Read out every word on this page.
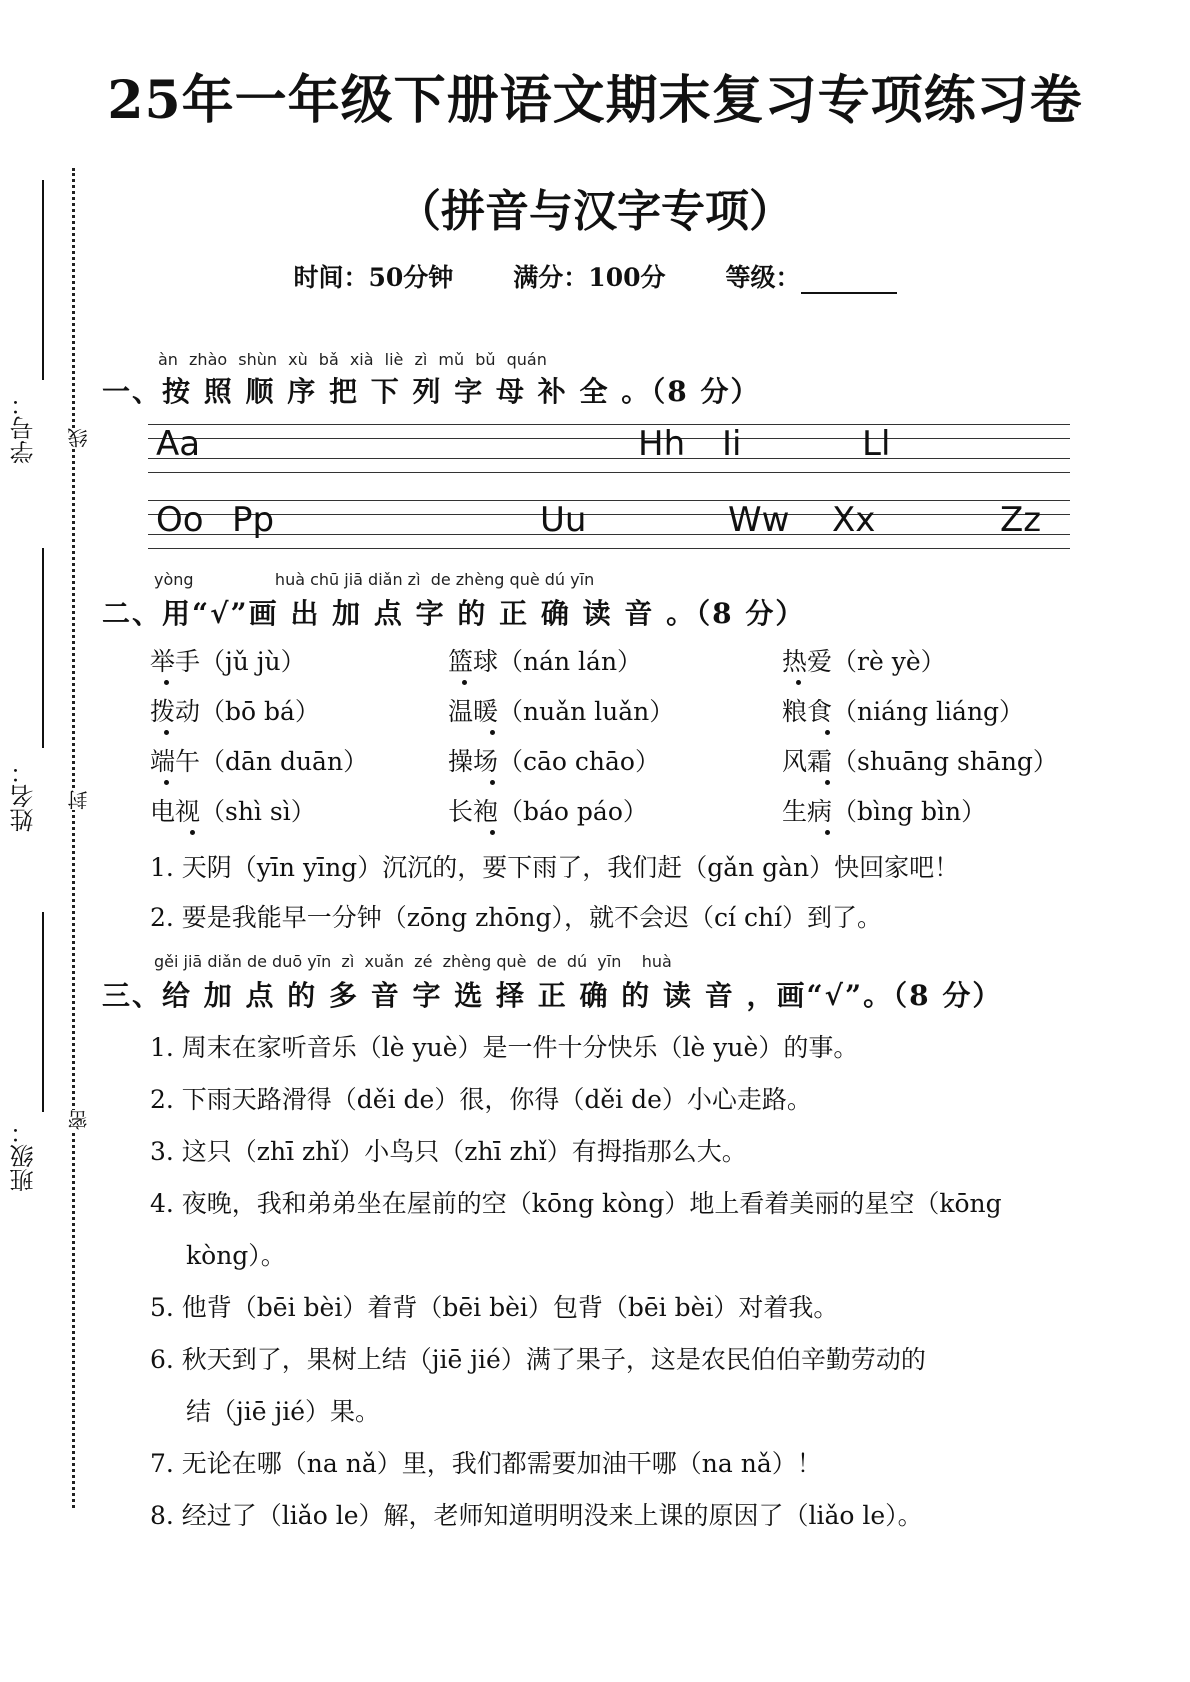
25年一年级下册语文期末复习专项练习卷
（拼音与汉字专项）
时间：50分钟 满分：100分 等级：
学号： 线
姓名： 封
班级： 密
àn zhào shùn xù bǎ xià liè zì mǔ bǔ quán
一、按 照 顺 序 把 下 列 字 母 补 全 。（8 分）
Aa	Hh Ii	Ll
Oo Pp	Uu	Ww Xx	Zz
yòng                huà chū jiā diǎn zì  de zhèng què dú yīn
二、用“√”画 出 加 点 字 的 正 确 读 音 。（8 分）
举手（jǔ jù）	篮球（nán lán）	热爱（rè yè）
拨动（bō bá）	温暖（nuǎn luǎn）	粮食（niáng liáng）
端午（dān duān）	操场（cāo chāo）	风霜（shuāng shāng）
电视（shì sì）	长袍（báo páo）	生病（bìng bìn）
1. 天阴（yīn yīng）沉沉的，要下雨了，我们赶（gǎn gàn）快回家吧！
2. 要是我能早一分钟（zōng zhōng），就不会迟（cí chí）到了。
gěi jiā diǎn de duō yīn  zì  xuǎn  zé  zhèng què  de  dú  yīn    huà
三、给 加 点 的 多 音 字 选 择 正 确 的 读 音 ，画“√”。（8 分）
1. 周末在家听音乐（lè yuè）是一件十分快乐（lè yuè）的事。
2. 下雨天路滑得（děi de）很，你得（děi de）小心走路。
3. 这只（zhī zhǐ）小鸟只（zhī zhǐ）有拇指那么大。
4. 夜晚，我和弟弟坐在屋前的空（kōng kòng）地上看着美丽的星空（kōng
kòng）。
5. 他背（bēi bèi）着背（bēi bèi）包背（bēi bèi）对着我。
6. 秋天到了，果树上结（jiē jié）满了果子，这是农民伯伯辛勤劳动的
结（jiē jié）果。
7. 无论在哪（na nǎ）里，我们都需要加油干哪（na nǎ）！
8. 经过了（liǎo le）解，老师知道明明没来上课的原因了（liǎo le）。
